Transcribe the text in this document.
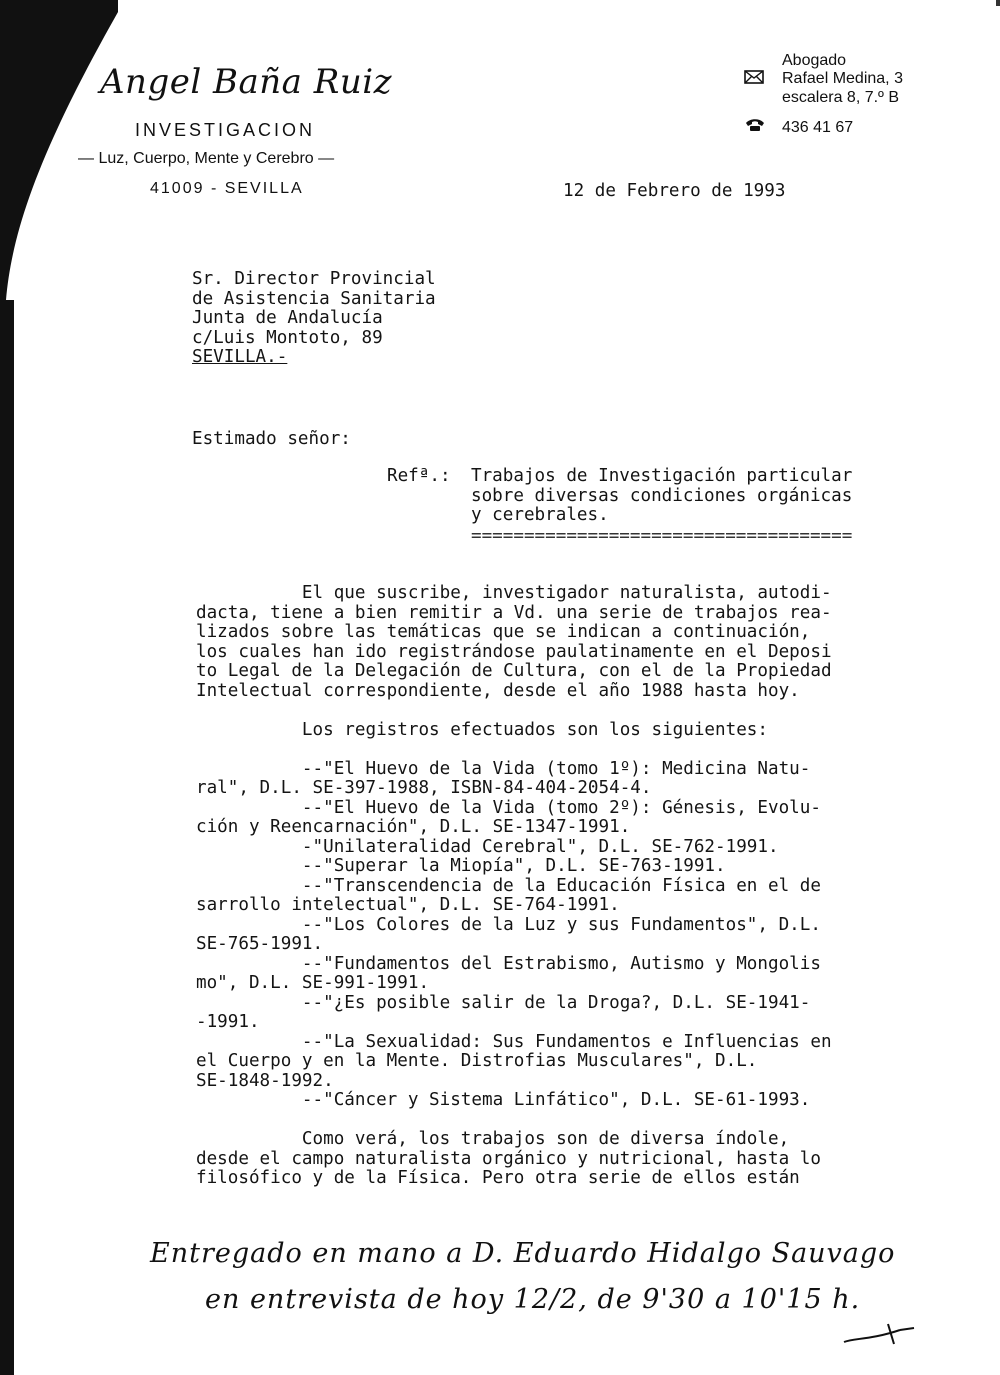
Angel Baña Ruiz
INVESTIGACION
— Luz, Cuerpo, Mente y Cerebro —
41009 - SEVILLA
Abogado
Rafael Medina, 3
escalera 8, 7.º B
436 41 67
12 de Febrero de 1993
Sr. Director Provincial
de Asistencia Sanitaria
Junta de Andalucía
c/Luis Montoto, 89
SEVILLA.-
Estimado señor:
Refª.: Trabajos de Investigación particular
sobre diversas condiciones orgánicas
y cerebrales.
====================================
El que suscribe, investigador naturalista, autodi-
dacta, tiene a bien remitir a Vd. una serie de trabajos rea-
lizados sobre las temáticas que se indican a continuación,
los cuales han ido registrándose paulatinamente en el Deposi
to Legal de la Delegación de Cultura, con el de la Propiedad
Intelectual correspondiente, desde el año 1988 hasta hoy.
Los registros efectuados son los siguientes:
--"El Huevo de la Vida (tomo 1º): Medicina Natu-
ral", D.L. SE-397-1988, ISBN-84-404-2054-4.
--"El Huevo de la Vida (tomo 2º): Génesis, Evolu-
ción y Reencarnación", D.L. SE-1347-1991.
-"Unilateralidad Cerebral", D.L. SE-762-1991.
--"Superar la Miopía", D.L. SE-763-1991.
--"Transcendencia de la Educación Física en el de
sarrollo intelectual", D.L. SE-764-1991.
--"Los Colores de la Luz y sus Fundamentos", D.L.
SE-765-1991.
--"Fundamentos del Estrabismo, Autismo y Mongolis
mo", D.L. SE-991-1991.
--"¿Es posible salir de la Droga?, D.L. SE-1941-
-1991.
--"La Sexualidad: Sus Fundamentos e Influencias en
el Cuerpo y en la Mente. Distrofias Musculares", D.L.
SE-1848-1992.
--"Cáncer y Sistema Linfático", D.L. SE-61-1993.
Como verá, los trabajos son de diversa índole,
desde el campo naturalista orgánico y nutricional, hasta lo
filosófico y de la Física. Pero otra serie de ellos están
Entregado en mano a D. Eduardo Hidalgo Sauvago
en entrevista de hoy 12/2, de 9'30 a 10'15 h.
